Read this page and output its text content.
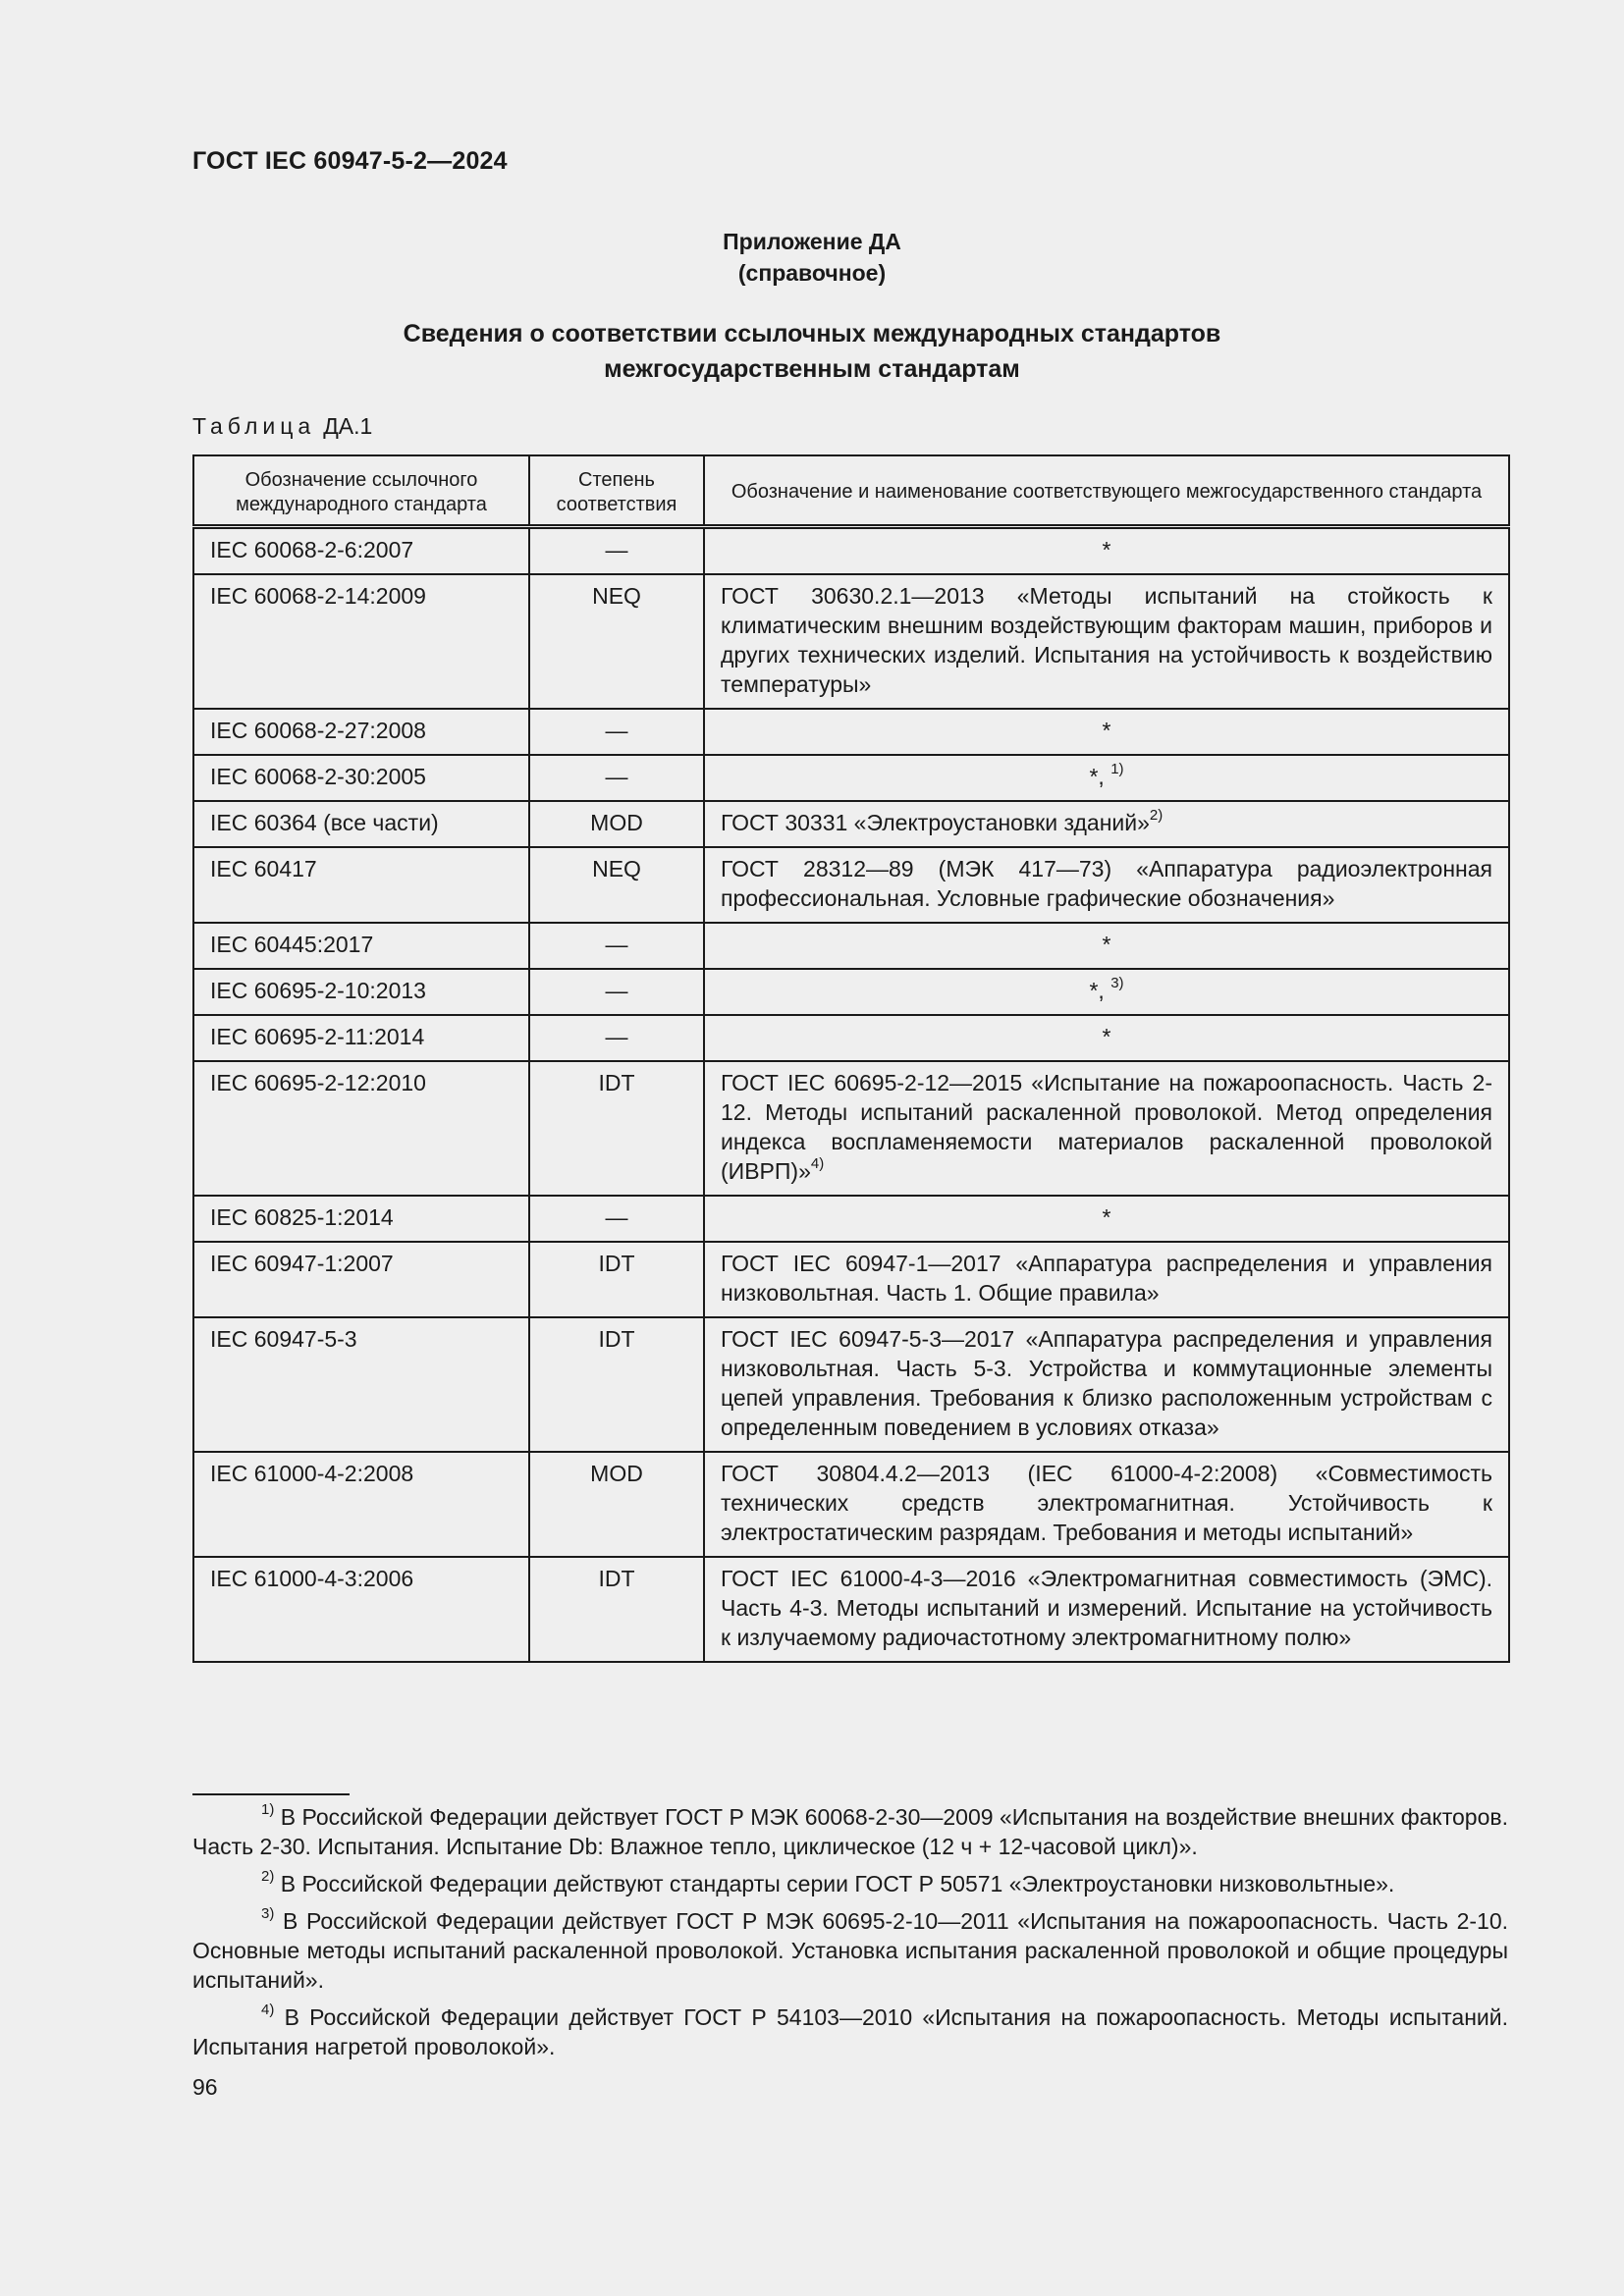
ГОСТ IEC 60947-5-2—2024
Приложение ДА
(справочное)
Сведения о соответствии ссылочных международных стандартов
межгосударственным стандартам
Таблица ДА.1
Обозначение ссылочного международного стандарта	Степень соответствия	Обозначение и наименование соответствующего межгосударственного стандарта
IEC 60068-2-6:2007	—	*
IEC 60068-2-14:2009	NEQ	ГОСТ 30630.2.1—2013 «Методы испытаний на стойкость к климатическим внешним воздействующим факторам машин, приборов и других технических изделий. Испытания на устойчивость к воздействию температуры»
IEC 60068-2-27:2008	—	*
IEC 60068-2-30:2005	—	*, $^{1)}$
IEC 60364 (все части)	MOD	ГОСТ 30331 «Электроустановки зданий»$^{2)}$
IEC 60417	NEQ	ГОСТ 28312—89 (МЭК 417—73) «Аппаратура радиоэлектронная профессиональная. Условные графические обозначения»
IEC 60445:2017	—	*
IEC 60695-2-10:2013	—	*, $^{3)}$
IEC 60695-2-11:2014	—	*
IEC 60695-2-12:2010	IDT	ГОСТ IEC 60695-2-12—2015 «Испытание на пожароопасность. Часть 2-12. Методы испытаний раскаленной проволокой. Метод определения индекса воспламеняемости материалов раскаленной проволокой (ИВРП)»$^{4)}$
IEC 60825-1:2014	—	*
IEC 60947-1:2007	IDT	ГОСТ IEC 60947-1—2017 «Аппаратура распределения и управления низковольтная. Часть 1. Общие правила»
IEC 60947-5-3	IDT	ГОСТ IEC 60947-5-3—2017 «Аппаратура распределения и управления низковольтная. Часть 5-3. Устройства и коммутационные элементы цепей управления. Требования к близко расположенным устройствам с определенным поведением в условиях отказа»
IEC 61000-4-2:2008	MOD	ГОСТ 30804.4.2—2013 (IEC 61000-4-2:2008) «Совместимость технических средств электромагнитная. Устойчивость к электростатическим разрядам. Требования и методы испытаний»
IEC 61000-4-3:2006	IDT	ГОСТ IEC 61000-4-3—2016 «Электромагнитная совместимость (ЭМС). Часть 4-3. Методы испытаний и измерений. Испытание на устойчивость к излучаемому радиочастотному электромагнитному полю»

$^{1)}$ В Российской Федерации действует ГОСТ Р МЭК 60068-2-30—2009 «Испытания на воздействие внешних факторов. Часть 2-30. Испытания. Испытание Db: Влажное тепло, циклическое (12 ч + 12-часовой цикл)».

$^{2)}$ В Российской Федерации действуют стандарты серии ГОСТ Р 50571 «Электроустановки низковольтные».

$^{3)}$ В Российской Федерации действует ГОСТ Р МЭК 60695-2-10—2011 «Испытания на пожароопасность. Часть 2-10. Основные методы испытаний раскаленной проволокой. Установка испытания раскаленной проволокой и общие процедуры испытаний».

$^{4)}$ В Российской Федерации действует ГОСТ Р 54103—2010 «Испытания на пожароопасность. Методы испытаний. Испытания нагретой проволокой».

96
